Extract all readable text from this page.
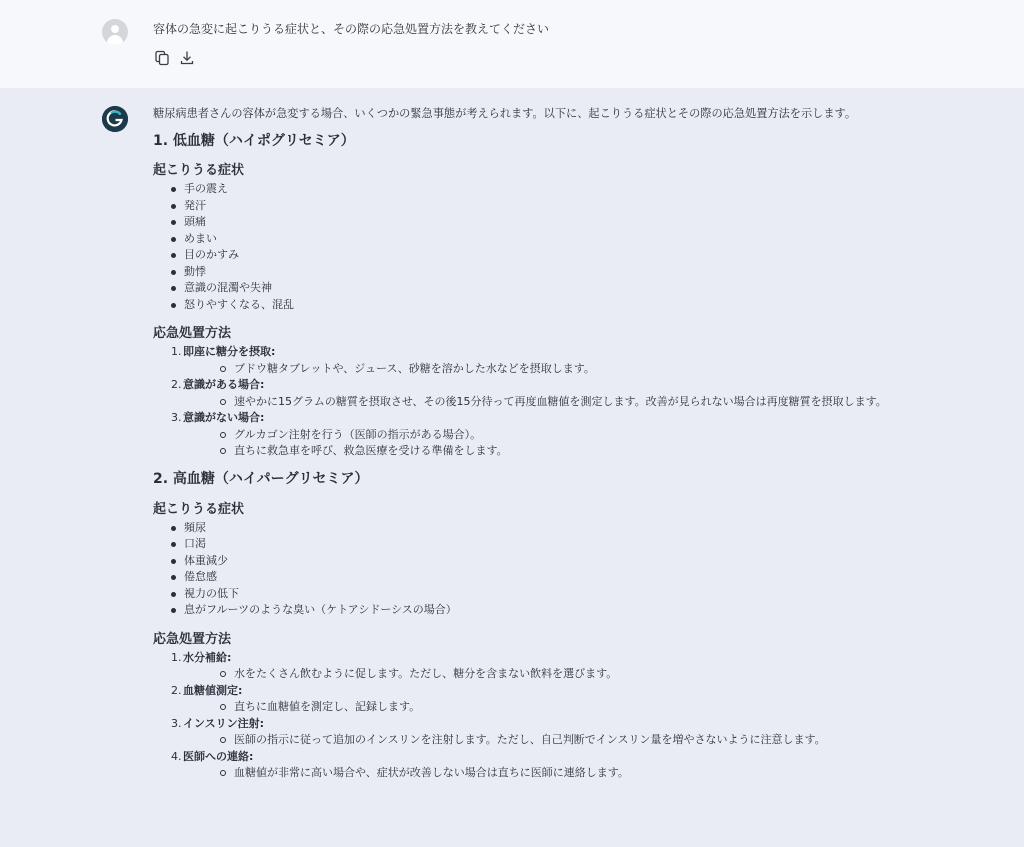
容体の急変に起こりうる症状と、その際の応急処置方法を教えてください

糖尿病患者さんの容体が急変する場合、いくつかの緊急事態が考えられます。以下に、起こりうる症状とその際の応急処置方法を示します。

1. 低血糖（ハイポグリセミア）
起こりうる症状
手の震え
発汗
頭痛
めまい
目のかすみ
動悸
意識の混濁や失神
怒りやすくなる、混乱
応急処置方法
1. 即座に糖分を摂取:
ブドウ糖タブレットや、ジュース、砂糖を溶かした水などを摂取します。
2. 意識がある場合:
速やかに15グラムの糖質を摂取させ、その後15分待って再度血糖値を測定します。改善が見られない場合は再度糖質を摂取します。
3. 意識がない場合:
グルカゴン注射を行う（医師の指示がある場合）。
直ちに救急車を呼び、救急医療を受ける準備をします。
2. 高血糖（ハイパーグリセミア）
起こりうる症状
頻尿
口渇
体重減少
倦怠感
視力の低下
息がフルーツのような臭い（ケトアシドーシスの場合）
応急処置方法
1. 水分補給:
水をたくさん飲むように促します。ただし、糖分を含まない飲料を選びます。
2. 血糖値測定:
直ちに血糖値を測定し、記録します。
3. インスリン注射:
医師の指示に従って追加のインスリンを注射します。ただし、自己判断でインスリン量を増やさないように注意します。
4. 医師への連絡:
血糖値が非常に高い場合や、症状が改善しない場合は直ちに医師に連絡します。
